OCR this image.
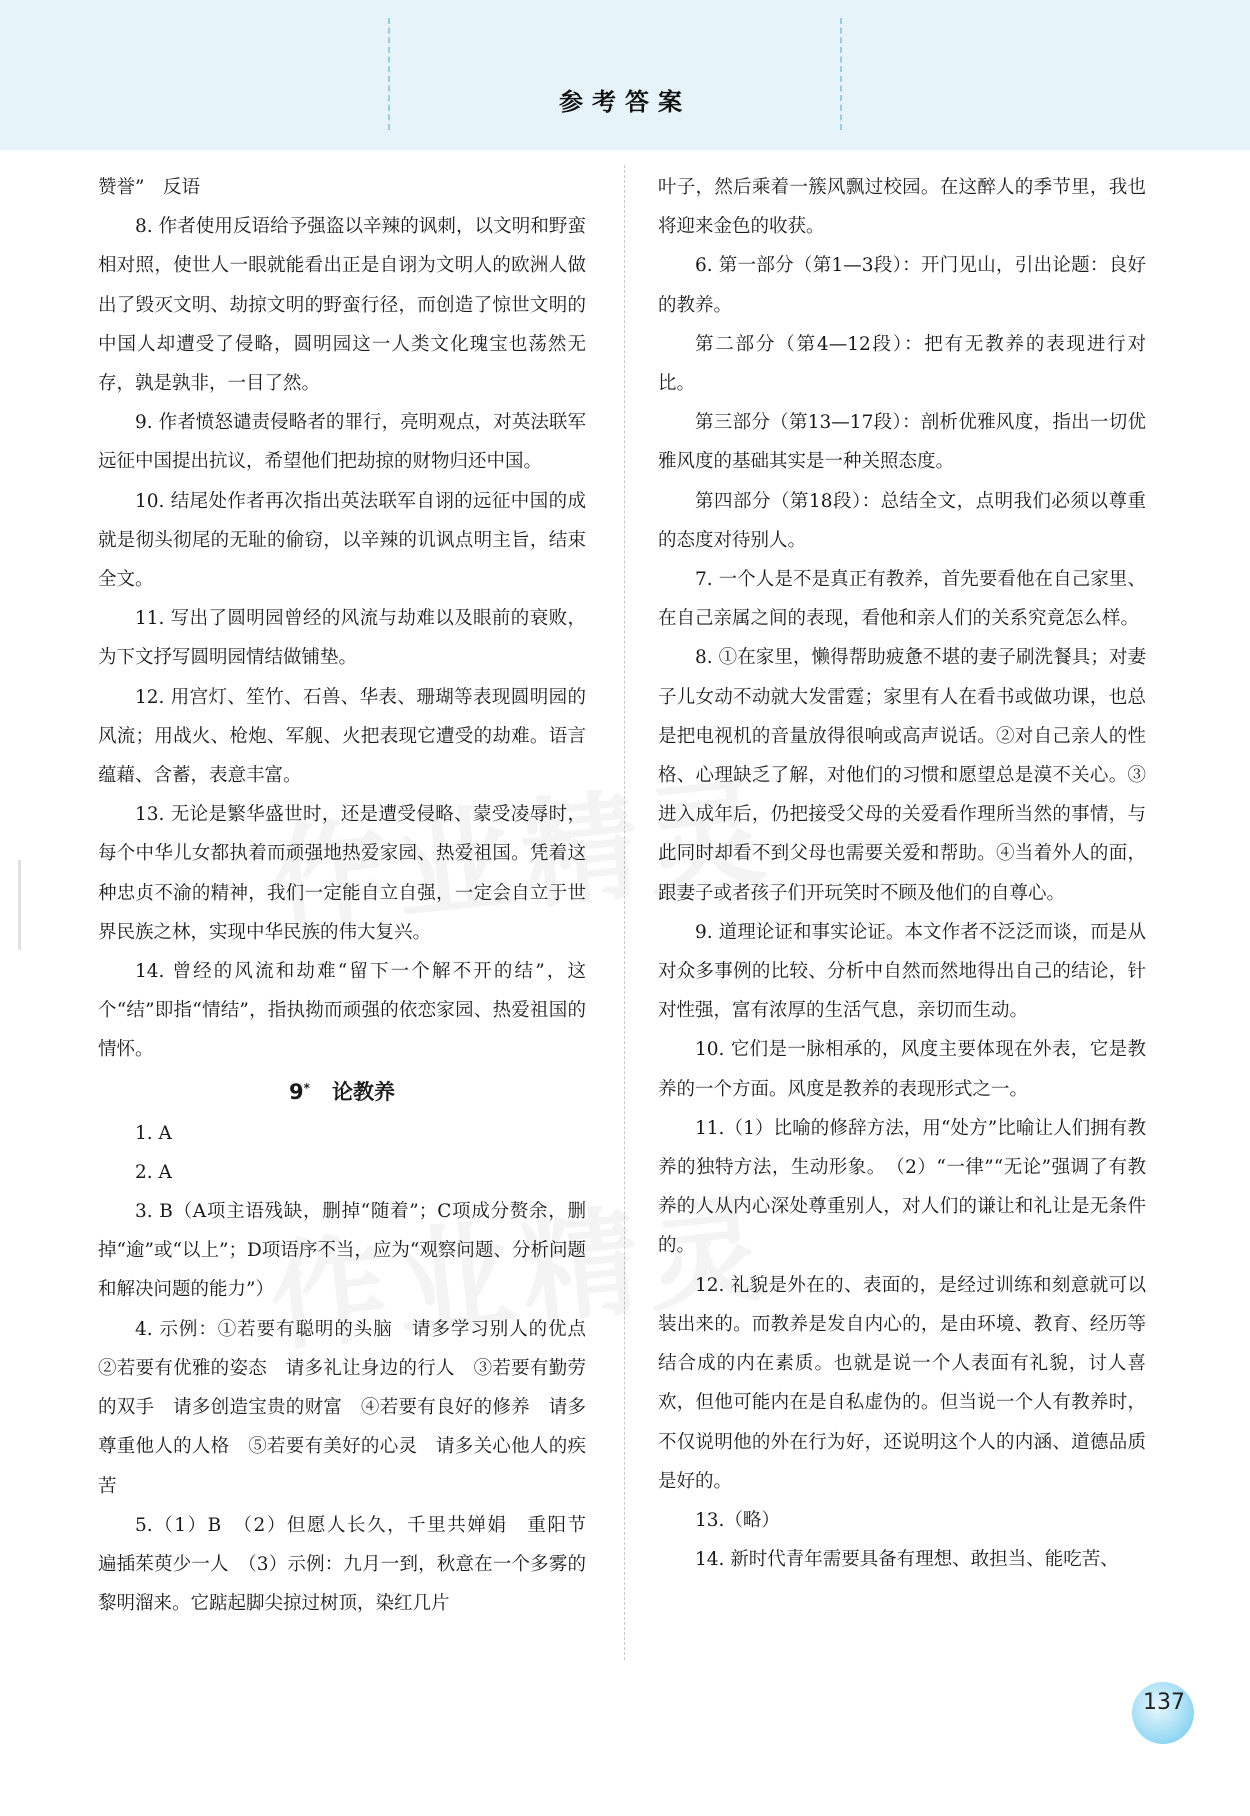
参考答案

赞誉”　反语

8. 作者使用反语给予强盗以辛辣的讽刺，以文明和野蛮相对照，使世人一眼就能看出正是自诩为文明人的欧洲人做出了毁灭文明、劫掠文明的野蛮行径，而创造了惊世文明的中国人却遭受了侵略，圆明园这一人类文化瑰宝也荡然无存，孰是孰非，一目了然。

9. 作者愤怒谴责侵略者的罪行，亮明观点，对英法联军远征中国提出抗议，希望他们把劫掠的财物归还中国。

10. 结尾处作者再次指出英法联军自诩的远征中国的成就是彻头彻尾的无耻的偷窃，以辛辣的讥讽点明主旨，结束全文。

11. 写出了圆明园曾经的风流与劫难以及眼前的衰败，为下文抒写圆明园情结做铺垫。

12. 用宫灯、笙竹、石兽、华表、珊瑚等表现圆明园的风流；用战火、枪炮、军舰、火把表现它遭受的劫难。语言蕴藉、含蓄，表意丰富。

13. 无论是繁华盛世时，还是遭受侵略、蒙受凌辱时，每个中华儿女都执着而顽强地热爱家园、热爱祖国。凭着这种忠贞不渝的精神，我们一定能自立自强，一定会自立于世界民族之林，实现中华民族的伟大复兴。

14. 曾经的风流和劫难“留下一个解不开的结”，这个“结”即指“情结”，指执拗而顽强的依恋家园、热爱祖国的情怀。

9* 论教养

1. A

2. A

3. B（A项主语残缺，删掉“随着”；C项成分赘余，删掉“逾”或“以上”；D项语序不当，应为“观察问题、分析问题和解决问题的能力”）

4. 示例：①若要有聪明的头脑　请多学习别人的优点　②若要有优雅的姿态　请多礼让身边的行人　③若要有勤劳的双手　请多创造宝贵的财富　④若要有良好的修养　请多尊重他人的人格　⑤若要有美好的心灵　请多关心他人的疾苦

5.（1）B　（2）但愿人长久，千里共婵娟　重阳节　遍插茱萸少一人　（3）示例：九月一到，秋意在一个多雾的黎明溜来。它踮起脚尖掠过树顶，染红几片

叶子，然后乘着一簇风飘过校园。在这醉人的季节里，我也将迎来金色的收获。

6. 第一部分（第1—3段）：开门见山，引出论题：良好的教养。

第二部分（第4—12段）：把有无教养的表现进行对比。

第三部分（第13—17段）：剖析优雅风度，指出一切优雅风度的基础其实是一种关照态度。

第四部分（第18段）：总结全文，点明我们必须以尊重的态度对待别人。

7. 一个人是不是真正有教养，首先要看他在自己家里、在自己亲属之间的表现，看他和亲人们的关系究竟怎么样。

8. ①在家里，懒得帮助疲惫不堪的妻子刷洗餐具；对妻子儿女动不动就大发雷霆；家里有人在看书或做功课，也总是把电视机的音量放得很响或高声说话。②对自己亲人的性格、心理缺乏了解，对他们的习惯和愿望总是漠不关心。③进入成年后，仍把接受父母的关爱看作理所当然的事情，与此同时却看不到父母也需要关爱和帮助。④当着外人的面，跟妻子或者孩子们开玩笑时不顾及他们的自尊心。

9. 道理论证和事实论证。本文作者不泛泛而谈，而是从对众多事例的比较、分析中自然而然地得出自己的结论，针对性强，富有浓厚的生活气息，亲切而生动。

10. 它们是一脉相承的，风度主要体现在外表，它是教养的一个方面。风度是教养的表现形式之一。

11.（1）比喻的修辞方法，用“处方”比喻让人们拥有教养的独特方法，生动形象。　（2）“一律”“无论”强调了有教养的人从内心深处尊重别人，对人们的谦让和礼让是无条件的。

12. 礼貌是外在的、表面的，是经过训练和刻意就可以装出来的。而教养是发自内心的，是由环境、教育、经历等结合成的内在素质。也就是说一个人表面有礼貌，讨人喜欢，但他可能内在是自私虚伪的。但当说一个人有教养时，不仅说明他的外在行为好，还说明这个人的内涵、道德品质是好的。

13.（略）

14. 新时代青年需要具备有理想、敢担当、能吃苦、

137
